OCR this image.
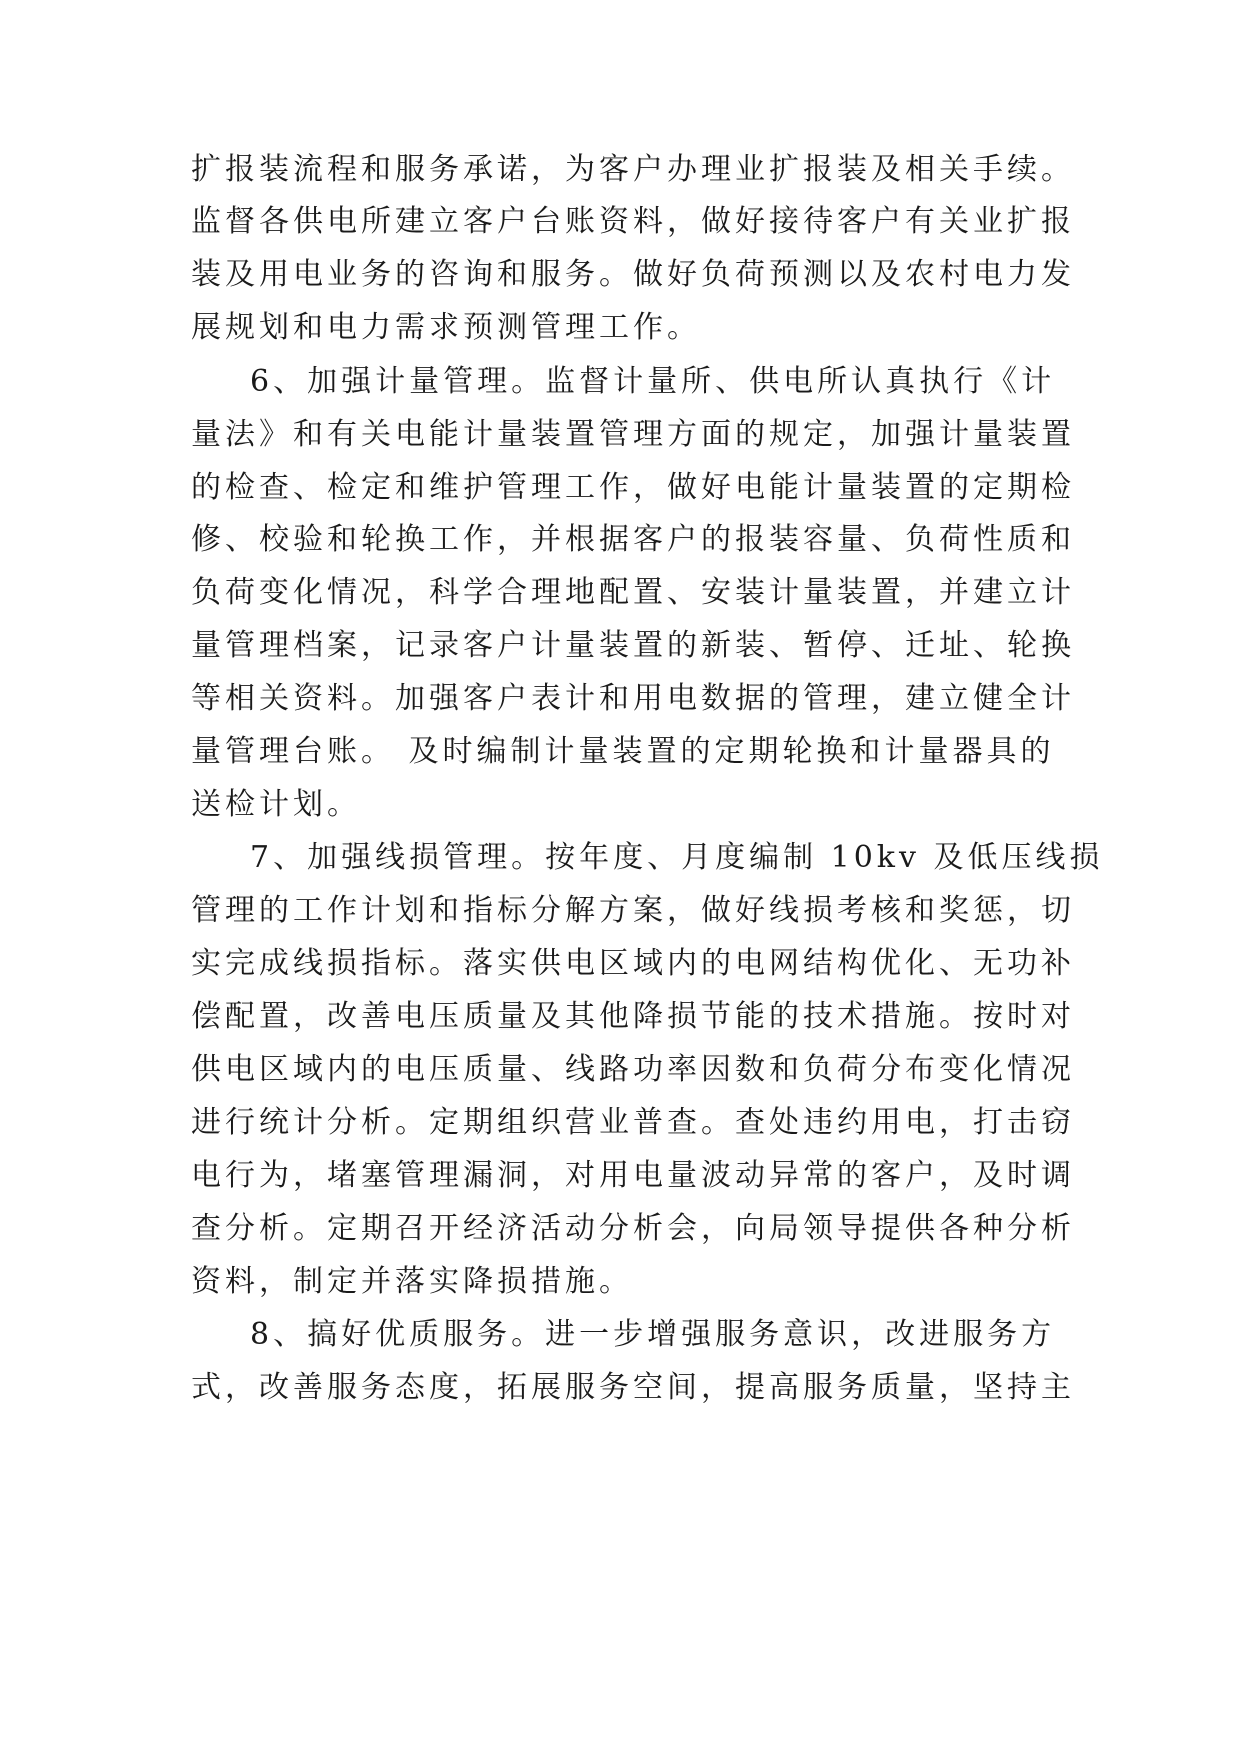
扩报装流程和服务承诺，为客户办理业扩报装及相关手续。
监督各供电所建立客户台账资料，做好接待客户有关业扩报
装及用电业务的咨询和服务。做好负荷预测以及农村电力发
展规划和电力需求预测管理工作。
6、加强计量管理。监督计量所、供电所认真执行《计
量法》和有关电能计量装置管理方面的规定，加强计量装置
的检查、检定和维护管理工作，做好电能计量装置的定期检
修、校验和轮换工作，并根据客户的报装容量、负荷性质和
负荷变化情况，科学合理地配置、安装计量装置，并建立计
量管理档案，记录客户计量装置的新装、暂停、迁址、轮换
等相关资料。加强客户表计和用电数据的管理，建立健全计
量管理台账。 及时编制计量装置的定期轮换和计量器具的
送检计划。
7、加强线损管理。按年度、月度编制 10kv 及低压线损
管理的工作计划和指标分解方案，做好线损考核和奖惩，切
实完成线损指标。落实供电区域内的电网结构优化、无功补
偿配置，改善电压质量及其他降损节能的技术措施。按时对
供电区域内的电压质量、线路功率因数和负荷分布变化情况
进行统计分析。定期组织营业普查。查处违约用电，打击窃
电行为，堵塞管理漏洞，对用电量波动异常的客户，及时调
查分析。定期召开经济活动分析会，向局领导提供各种分析
资料，制定并落实降损措施。
8、搞好优质服务。进一步增强服务意识，改进服务方
式，改善服务态度，拓展服务空间，提高服务质量，坚持主
